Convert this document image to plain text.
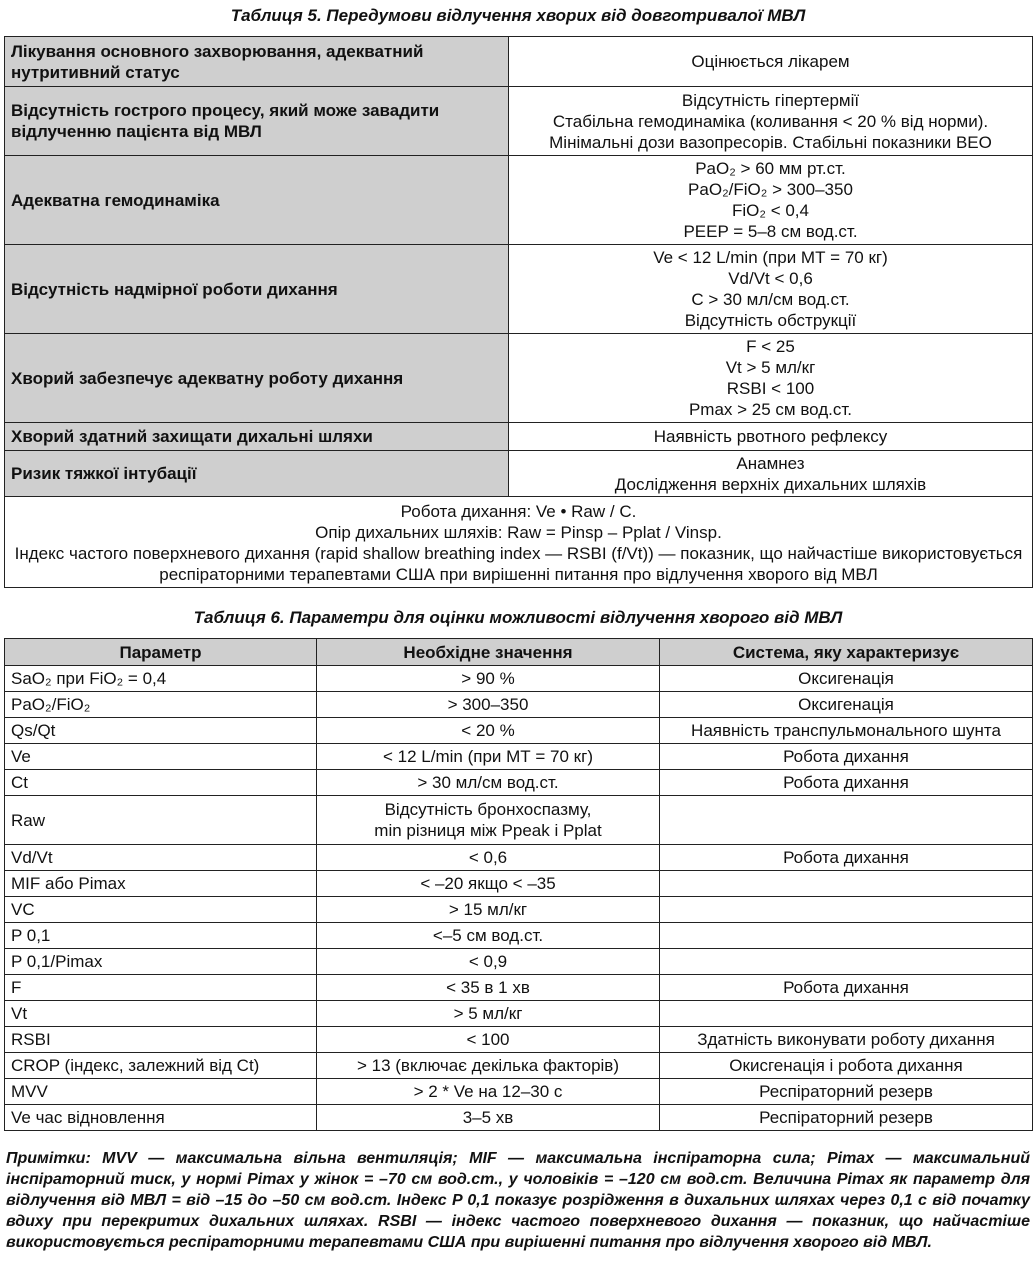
Таблиця 5. Передумови відлучення хворих від довготривалої МВЛ
Лікування основного захворювання, адекватний нутритивний статус	Оцінюється лікарем

Відсутність гострого процесу, який може завадити відлученню пацієнта від МВЛ	Відсутність гіпертермії
Стабільна гемодинаміка (коливання < 20 % від норми).
Мінімальні дози вазопресорів. Стабільні показники ВЕО

Адекватна гемодинаміка	PaO₂ > 60 мм рт.ст.
PaO₂/FiO₂ > 300–350
FiO₂ < 0,4
PEEP = 5–8 см вод.ст.

Відсутність надмірної роботи дихання	Ve < 12 L/min (при МТ = 70 кг)
Vd/Vt < 0,6
C > 30 мл/см вод.ст.
Відсутність обструкції

Хворий забезпечує адекватну роботу дихання	F < 25
Vt > 5 мл/кг
RSBI < 100
Pmax > 25 см вод.ст.

Хворий здатний захищати дихальні шляхи	Наявність рвотного рефлексу

Ризик тяжкої інтубації	Анамнез
Дослідження верхніх дихальних шляхів

Робота дихання: Ve • Raw / C.
Опір дихальних шляхів: Raw = Pinsp – Pplat / Vinsp.
Індекс частого поверхневого дихання (rapid shallow breathing index — RSBI (f/Vt)) — показник, що найчастіше використовується респіраторними терапевтами США при вирішенні питання про відлучення хворого від МВЛ	
Таблиця 6. Параметри для оцінки можливості відлучення хворого від МВЛ
Параметр	Необхідне значення	Система, яку характеризує
SaO₂ при FiO₂ = 0,4	> 90 %	Оксигенація
PaO₂/FiO₂	> 300–350	Оксигенація
Qs/Qt	< 20 %	Наявність транспульмонального шунта
Ve	< 12 L/min (при МТ = 70 кг)	Робота дихання
Ct	> 30 мл/см вод.ст.	Робота дихання
Raw	Відсутність бронхоспазму,
min різниця між Ppeak і Pplat	
Vd/Vt	< 0,6	Робота дихання
MIF або Pimax	< –20 якщо < –35	
VC	> 15 мл/кг	
P 0,1	<–5 см вод.ст.	
P 0,1/Pimax	< 0,9	
F	< 35 в 1 хв	Робота дихання
Vt	> 5 мл/кг	
RSBI	< 100	Здатність виконувати роботу дихання
CROP (індекс, залежний від Ct)	> 13 (включає декілька факторів)	Окисгенація і робота дихання
MVV	> 2 * Ve на 12–30 с	Респіраторний резерв
Ve час відновлення	3–5 хв	Респіраторний резерв
Примітки: MVV — максимальна вільна вентиляція; MIF — максимальна інспіраторна сила; Pimax — максимальний інспіраторний тиск, у нормі Pimax у жінок = –70 см вод.ст., у чоловіків = –120 см вод.ст. Величина Pimax як параметр для відлучення від МВЛ = від –15 до –50 см вод.ст. Індекс P 0,1 показує розрідження в дихальних шляхах через 0,1 с від початку вдиху при перекритих дихальних шляхах. RSBI — індекс частого поверхневого дихання — показник, що найчастіше використовується респіраторними терапевтами США при вирішенні питання про відлучення хворого від МВЛ.
